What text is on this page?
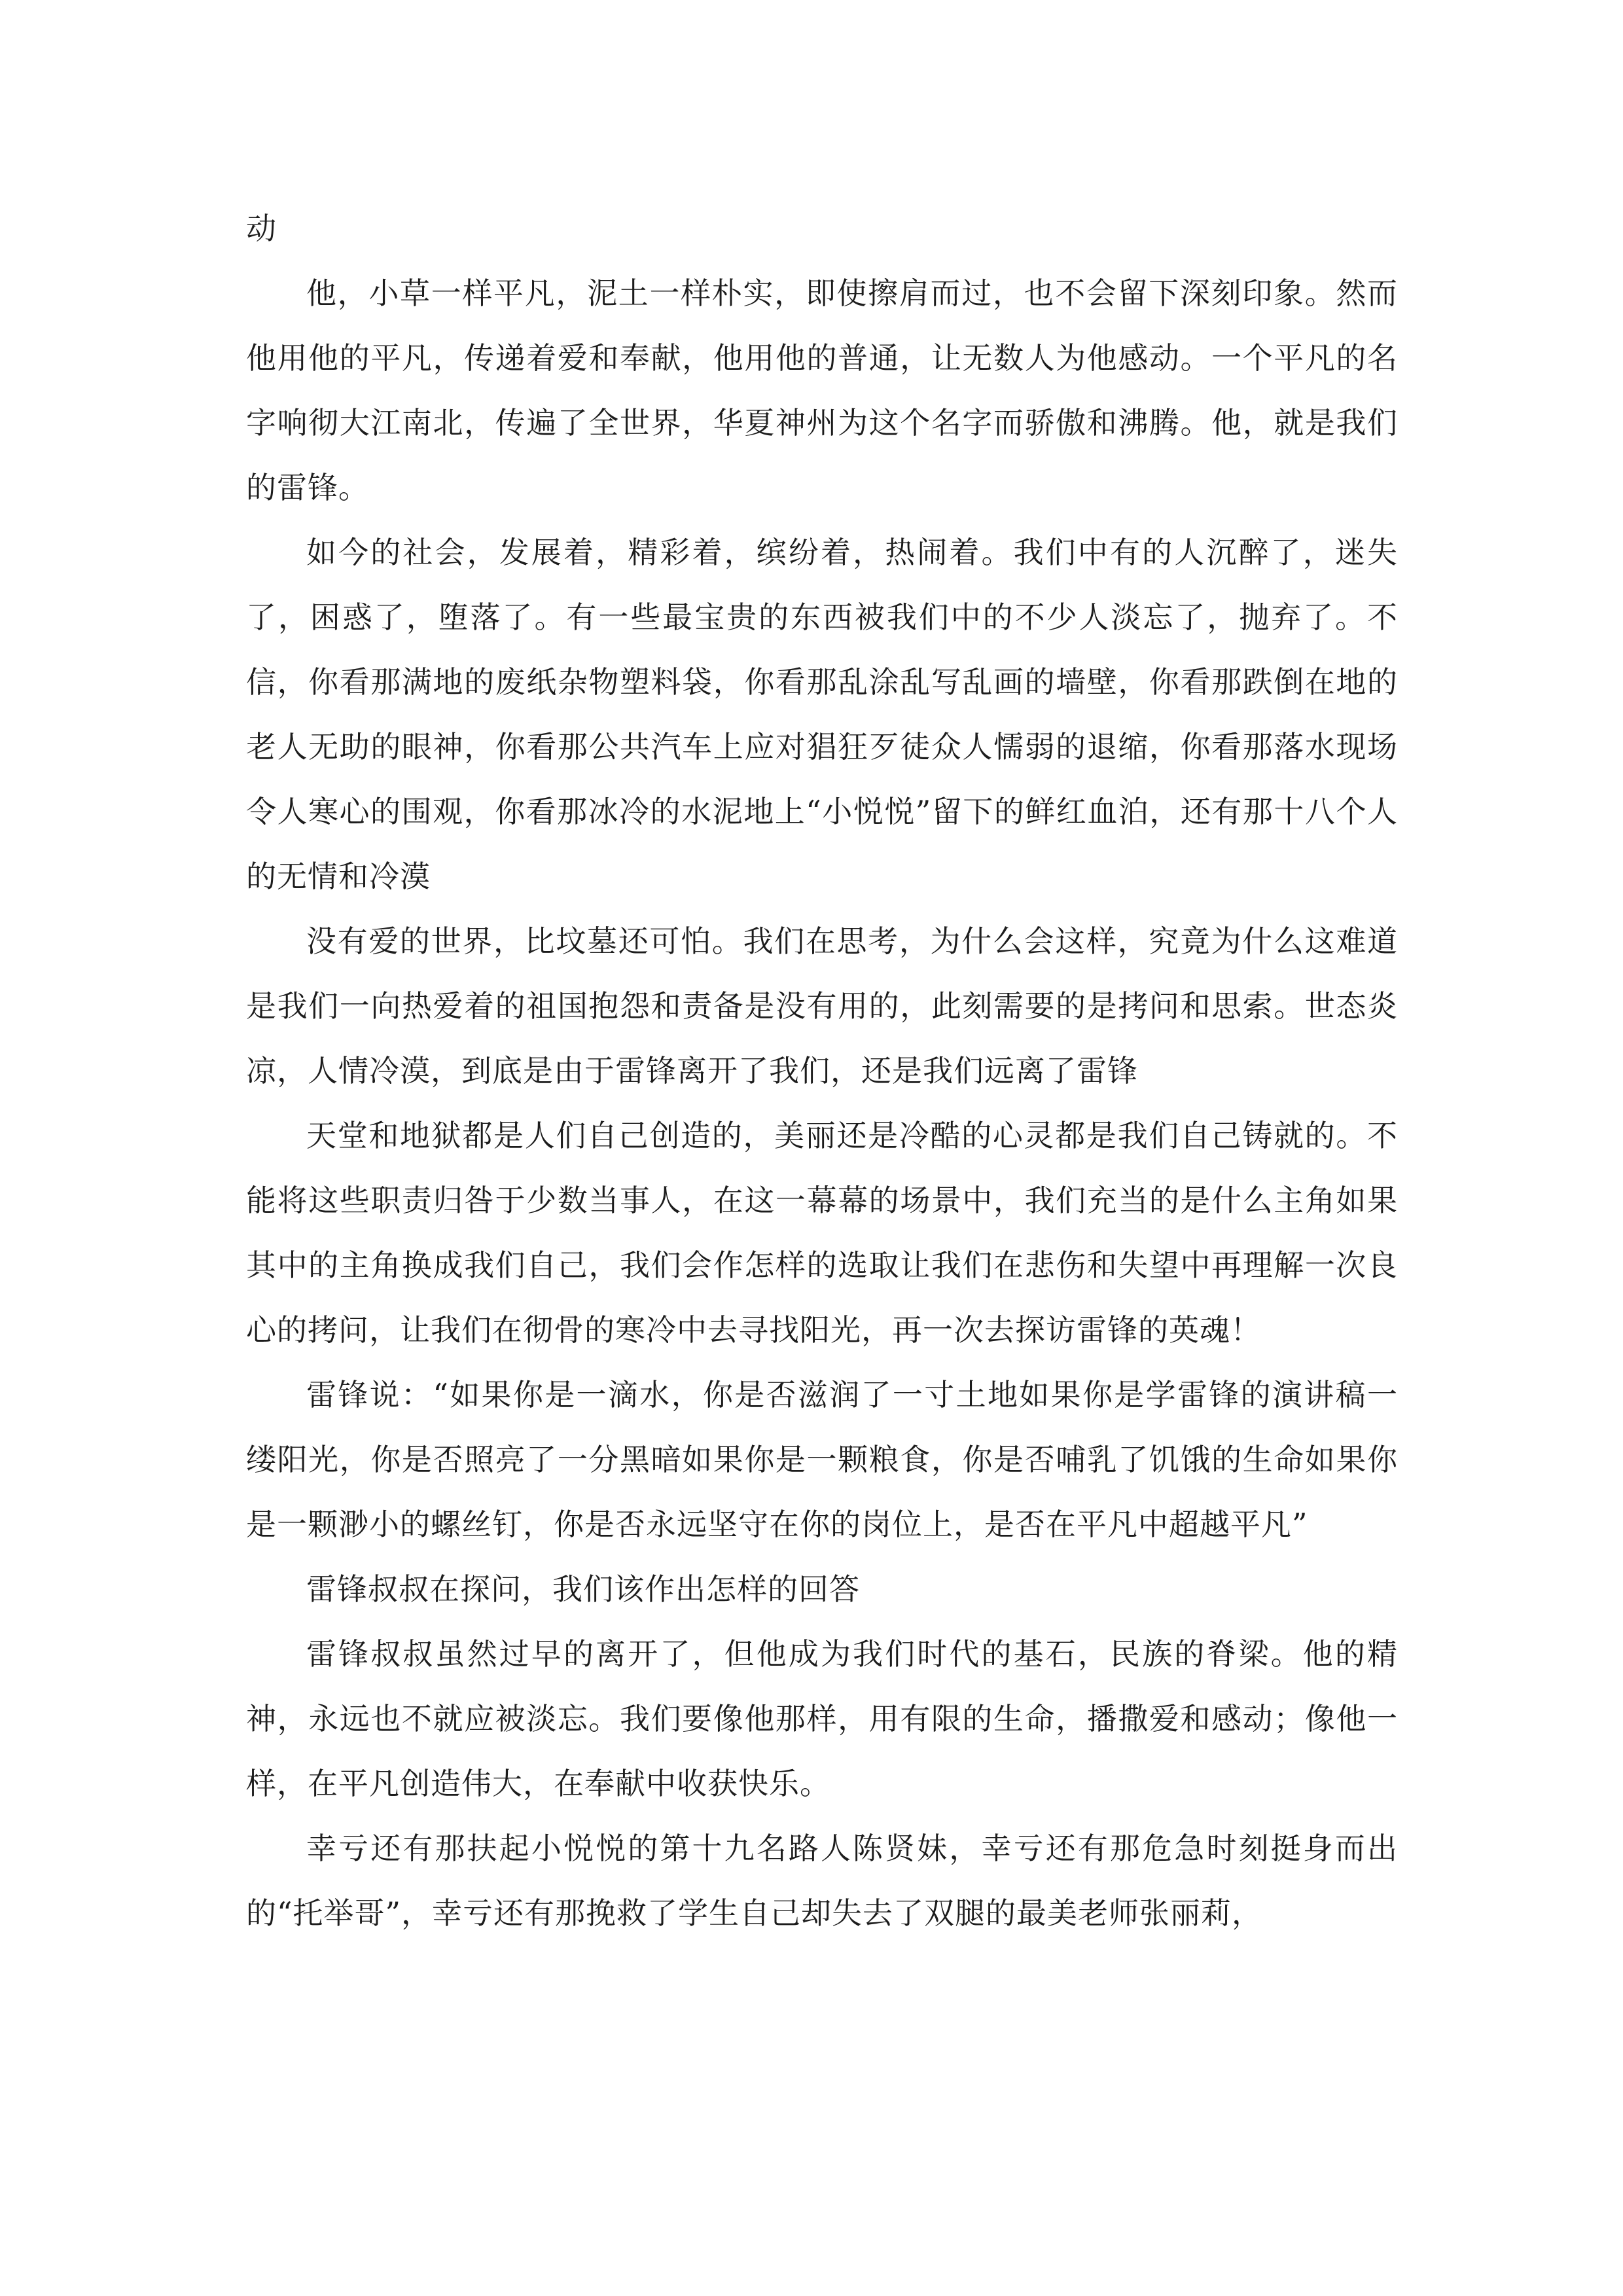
动

他，小草一样平凡，泥土一样朴实，即使擦肩而过，也不会留下深刻印象。然而他用他的平凡，传递着爱和奉献，他用他的普通，让无数人为他感动。一个平凡的名字响彻大江南北，传遍了全世界，华夏神州为这个名字而骄傲和沸腾。他，就是我们的雷锋。

如今的社会，发展着，精彩着，缤纷着，热闹着。我们中有的人沉醉了，迷失了，困惑了，堕落了。有一些最宝贵的东西被我们中的不少人淡忘了，抛弃了。不信，你看那满地的废纸杂物塑料袋，你看那乱涂乱写乱画的墙壁，你看那跌倒在地的老人无助的眼神，你看那公共汽车上应对猖狂歹徒众人懦弱的退缩，你看那落水现场令人寒心的围观，你看那冰冷的水泥地上“小悦悦”留下的鲜红血泊，还有那十八个人的无情和冷漠

没有爱的世界，比坟墓还可怕。我们在思考，为什么会这样，究竟为什么这难道是我们一向热爱着的祖国抱怨和责备是没有用的，此刻需要的是拷问和思索。世态炎凉，人情冷漠，到底是由于雷锋离开了我们，还是我们远离了雷锋

天堂和地狱都是人们自己创造的，美丽还是冷酷的心灵都是我们自己铸就的。不能将这些职责归咎于少数当事人，在这一幕幕的场景中，我们充当的是什么主角如果其中的主角换成我们自己，我们会作怎样的选取让我们在悲伤和失望中再理解一次良心的拷问，让我们在彻骨的寒冷中去寻找阳光，再一次去探访雷锋的英魂！

雷锋说：“如果你是一滴水，你是否滋润了一寸土地如果你是学雷锋的演讲稿一缕阳光，你是否照亮了一分黑暗如果你是一颗粮食，你是否哺乳了饥饿的生命如果你是一颗渺小的螺丝钉，你是否永远坚守在你的岗位上，是否在平凡中超越平凡”

雷锋叔叔在探问，我们该作出怎样的回答

雷锋叔叔虽然过早的离开了，但他成为我们时代的基石，民族的脊梁。他的精神，永远也不就应被淡忘。我们要像他那样，用有限的生命，播撒爱和感动；像他一样，在平凡创造伟大，在奉献中收获快乐。

幸亏还有那扶起小悦悦的第十九名路人陈贤妹，幸亏还有那危急时刻挺身而出的“托举哥”，幸亏还有那挽救了学生自己却失去了双腿的最美老师张丽莉，
